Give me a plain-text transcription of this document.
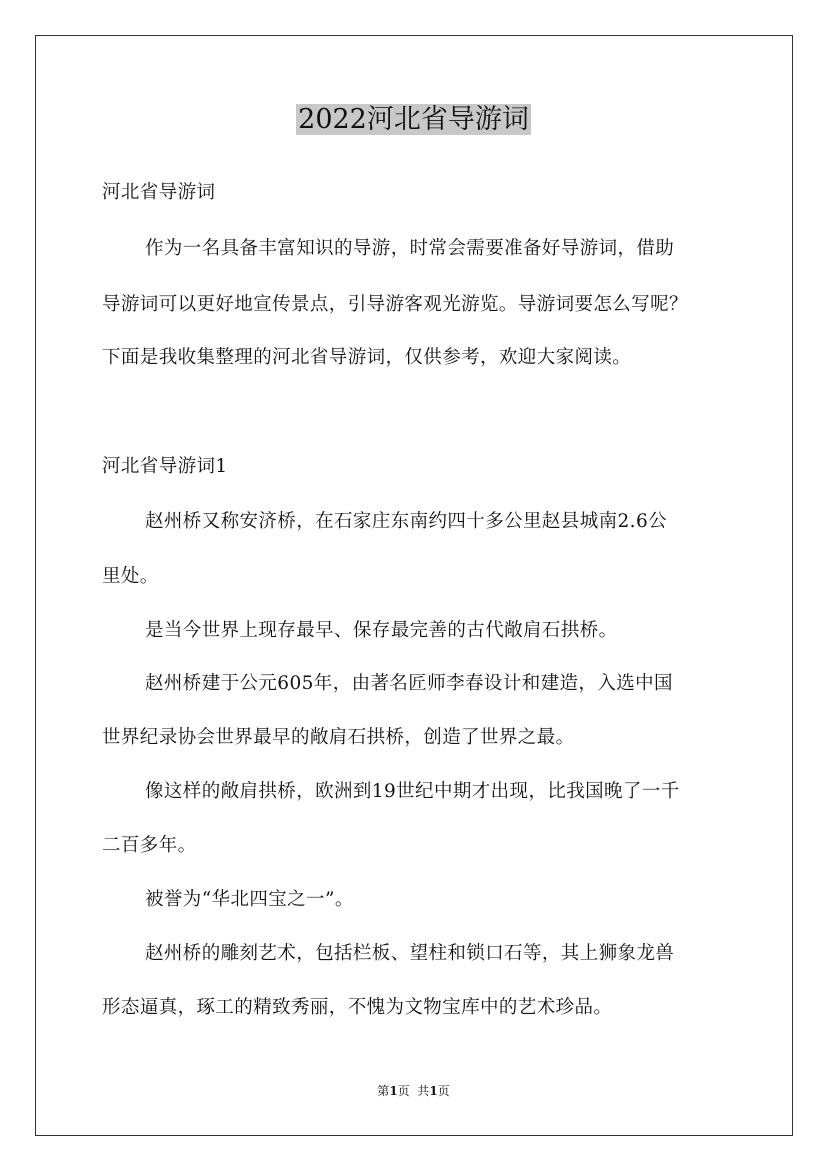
2022河北省导游词
河北省导游词
作为一名具备丰富知识的导游，时常会需要准备好导游词，借助
导游词可以更好地宣传景点，引导游客观光游览。导游词要怎么写呢？
下面是我收集整理的河北省导游词，仅供参考，欢迎大家阅读。
河北省导游词1
赵州桥又称安济桥，在石家庄东南约四十多公里赵县城南2.6公
里处。
是当今世界上现存最早、保存最完善的古代敞肩石拱桥。
赵州桥建于公元605年，由著名匠师李春设计和建造，入选中国
世界纪录协会世界最早的敞肩石拱桥，创造了世界之最。
像这样的敞肩拱桥，欧洲到19世纪中期才出现，比我国晚了一千
二百多年。
被誉为“华北四宝之一”。
赵州桥的雕刻艺术，包括栏板、望柱和锁口石等，其上狮象龙兽
形态逼真，琢工的精致秀丽，不愧为文物宝库中的艺术珍品。
第1页  共1页
